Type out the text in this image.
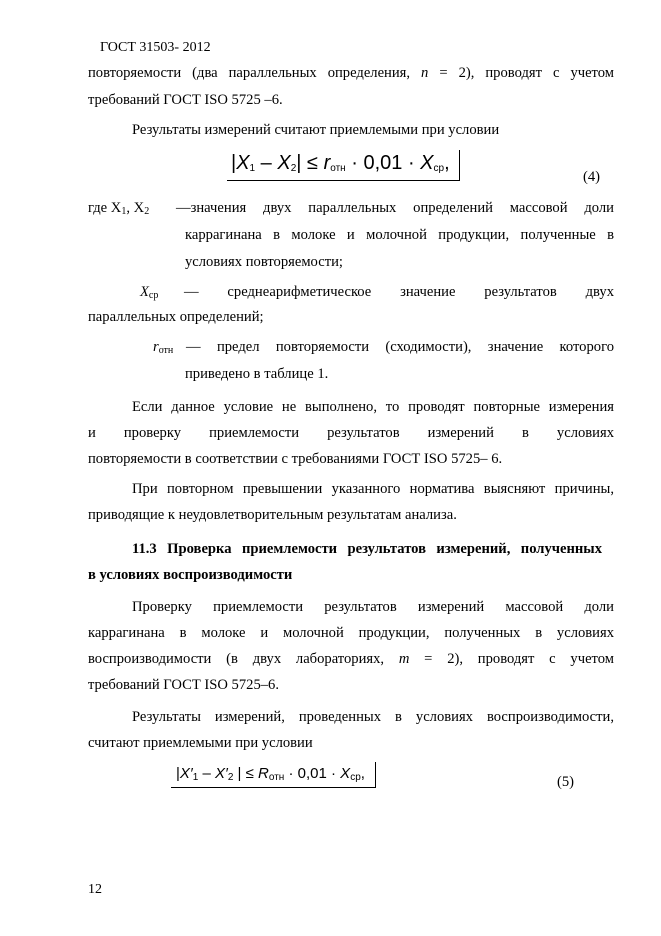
ГОСТ 31503- 2012
повторяемости (два параллельных определения, n = 2), проводят с учетом
требований ГОСТ ISO 5725 –6.
Результаты измерений считают приемлемыми при условии
$|X_1 - X_2| \le r_{отн} \cdot 0,01 \cdot X_{ср}$,
(4)
где $X_1$, $X_2$ —значения двух параллельных определений массовой доли
каррагинана в молоке и молочной продукции, полученные в
условиях повторяемости;
$X_{ср}$ — среднеарифметическое значение результатов двух
параллельных определений;
$r_{отн}$ — предел повторяемости (сходимости), значение которого
приведено в таблице 1.
Если данное условие не выполнено, то проводят повторные измерения
и проверку приемлемости результатов измерений в условиях
повторяемости в соответствии с требованиями ГОСТ ISO 5725– 6.
При повторном превышении указанного норматива выясняют причины,
приводящие к неудовлетворительным результатам анализа.
11.3 Проверка приемлемости результатов измерений, полученных
в условиях воспроизводимости
Проверку приемлемости результатов измерений массовой доли
каррагинана в молоке и молочной продукции, полученных в условиях
воспроизводимости (в двух лабораториях, m = 2), проводят с учетом
требований ГОСТ ISO 5725–6.
Результаты измерений, проведенных в условиях воспроизводимости,
считают приемлемыми при условии
$|X'_1 - X'_2$ | ≤ $R_{отн} \cdot 0,01 \cdot X_{ср}$,	(5)
12
